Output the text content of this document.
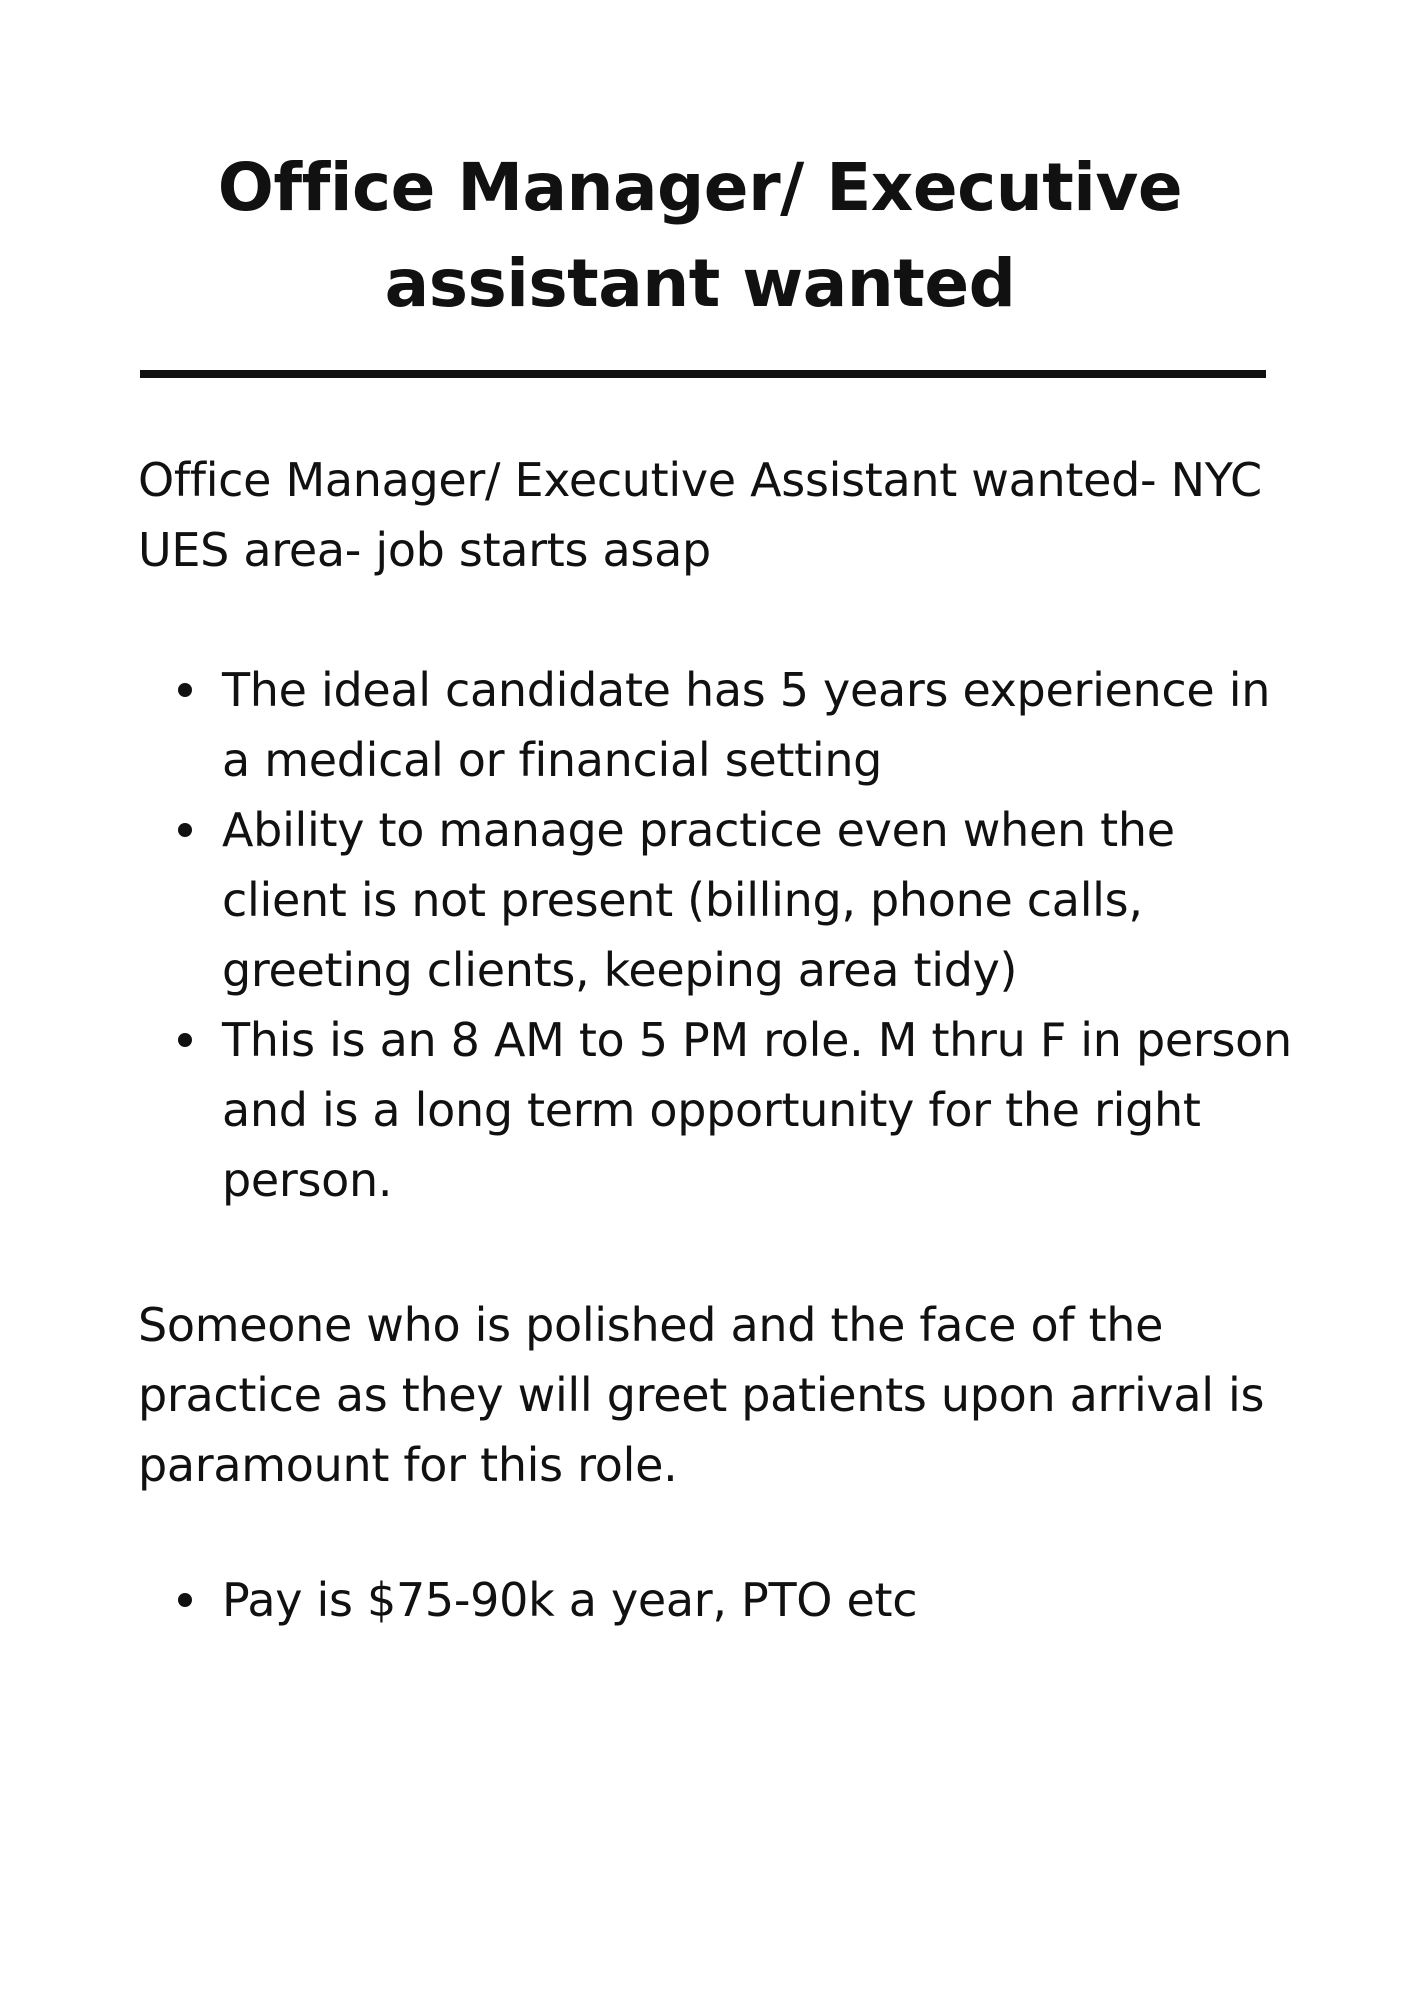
Office Manager/ Executive
assistant wanted

Office Manager/ Executive Assistant wanted- NYC UES area- job starts asap

The ideal candidate has 5 years experience in a medical or financial setting
Ability to manage practice even when the client is not present (billing, phone calls, greeting clients, keeping area tidy)
This is an 8 AM to 5 PM role. M thru F in person and is a long term opportunity for the right person.

Someone who is polished and the face of the practice as they will greet patients upon arrival is paramount for this role.

Pay is $75-90k a year, PTO etc
